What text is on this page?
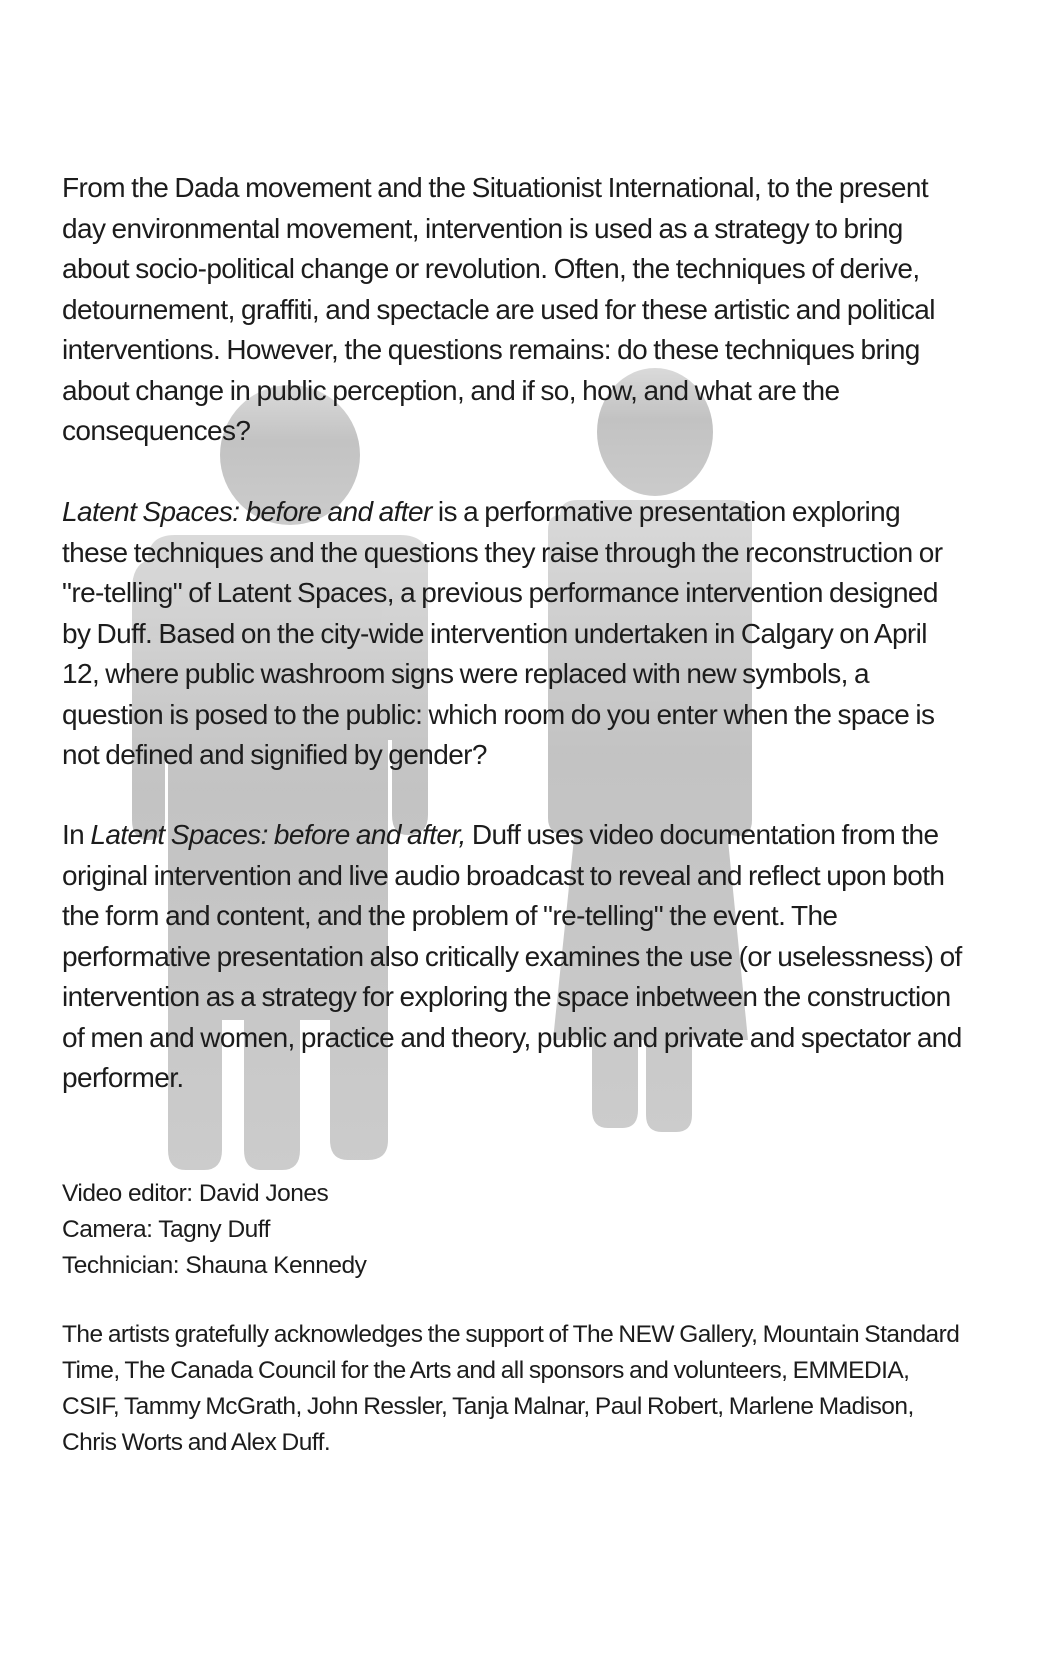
From the Dada movement and the Situationist International, to the present day environmental movement, intervention is used as a strategy to bring about socio-political change or revolution. Often, the techniques of derive, detournement, graffiti, and spectacle are used for these artistic and political interventions. However, the questions remains: do these techniques bring about change in public perception, and if so, how, and what are the consequences?

Latent Spaces: before and after is a performative presentation exploring these techniques and the questions they raise through the reconstruction or "re-telling" of Latent Spaces, a previous performance intervention designed by Duff. Based on the city-wide intervention undertaken in Calgary on April 12, where public washroom signs were replaced with new symbols, a question is posed to the public: which room do you enter when the space is not defined and signified by gender?

In Latent Spaces: before and after, Duff uses video documentation from the original intervention and live audio broadcast to reveal and reflect upon both the form and content, and the problem of "re-telling" the event. The performative presentation also critically examines the use (or uselessness) of intervention as a strategy for exploring the space inbetween the construction of men and women, practice and theory, public and private and spectator and performer.

Video editor: David Jones
Camera: Tagny Duff
Technician: Shauna Kennedy

The artists gratefully acknowledges the support of The NEW Gallery, Mountain Standard Time, The Canada Council for the Arts and all sponsors and volunteers, EMMEDIA, CSIF, Tammy McGrath, John Ressler, Tanja Malnar, Paul Robert, Marlene Madison, Chris Worts and Alex Duff.
